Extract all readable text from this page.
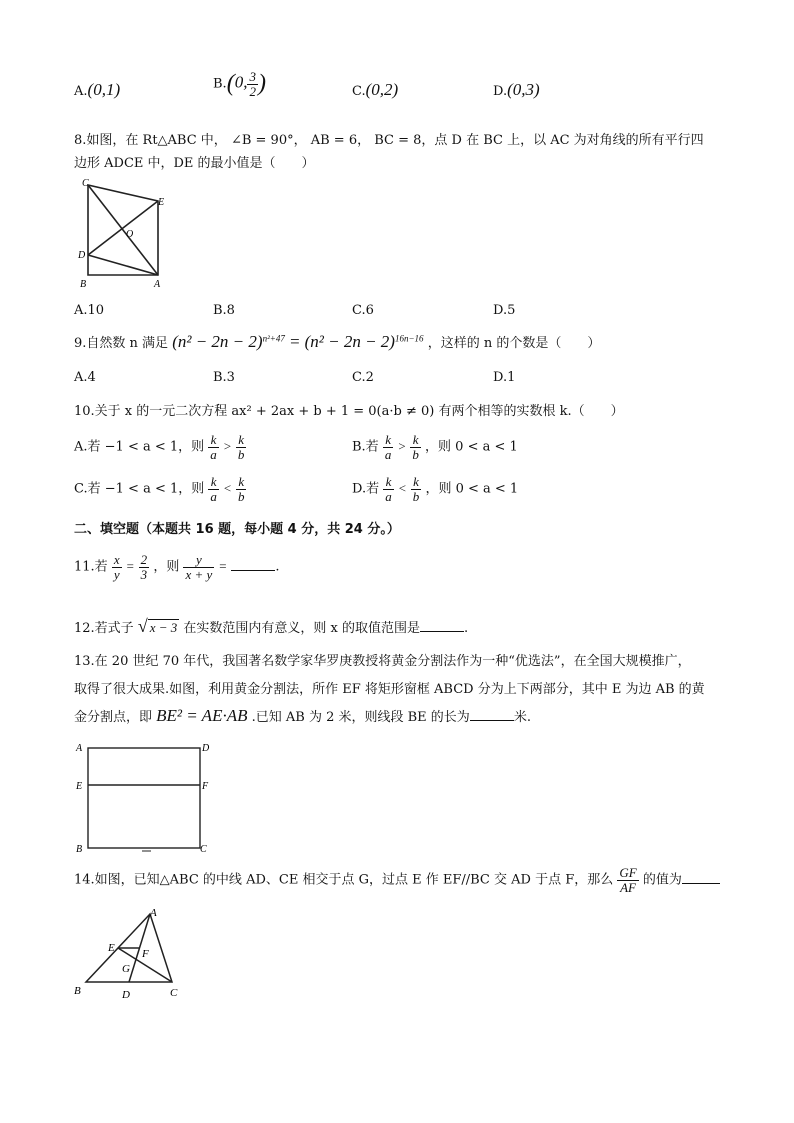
A.(0,1)	B.(0, $\frac{3}{2}$ )	C.(0,2)	D.(0,3)
8.如图，在 Rt△ABC 中， ∠B = 90°， AB = 6， BC = 8，点 D 在 BC 上，以 AC 为对角线的所有平行四
边形 ADCE 中，DE 的最小值是（　　）
C
E
O
D
B	A
A.10	B.8	C.6	D.5
9.自然数 n 满足 $(n^2 - 2n - 2)^{n^2+47} = (n^2 - 2n - 2)^{16n-16}$ ，这样的 n 的个数是（　　）
A.4	B.3	C.2	D.1
10.关于 x 的一元二次方程 ax² + 2ax + b + 1 = 0(a·b ≠ 0) 有两个相等的实数根 k.（　　）
A.若 −1 < a < 1，则 $\frac{k}{a} > \frac{k}{b}$	B.若 $\frac{k}{a} > \frac{k}{b}$ ，则 0 < a < 1
C.若 −1 < a < 1，则 $\frac{k}{a} < \frac{k}{b}$	D.若 $\frac{k}{a} < \frac{k}{b}$ ，则 0 < a < 1
二、填空题（本题共 16 题，每小题 4 分，共 24 分。）
11.若 $\frac{x}{y} = \frac{2}{3}$ ，则 $\frac{y}{x + y}$ =	.
12.若式子 √ x − 3 在实数范围内有意义，则 x 的取值范围是	.
13.在 20 世纪 70 年代，我国著名数学家华罗庚教授将黄金分割法作为一种“优选法”，在全国大规模推广，
取得了很大成果.如图，利用黄金分割法，所作 EF 将矩形窗框 ABCD 分为上下两部分，其中 E 为边 AB 的黄
金分割点，即 BE² = AE·AB .已知 AB 为 2 米，则线段 BE 的长为	米.
A	D
E	F
B	C
14.如图，已知△ABC 的中线 AD、CE 相交于点 G，过点 E 作 EF//BC 交 AD 于点 F，那么 $\frac{GF}{AF}$ 的值为
A
E F
G
B	D	C
